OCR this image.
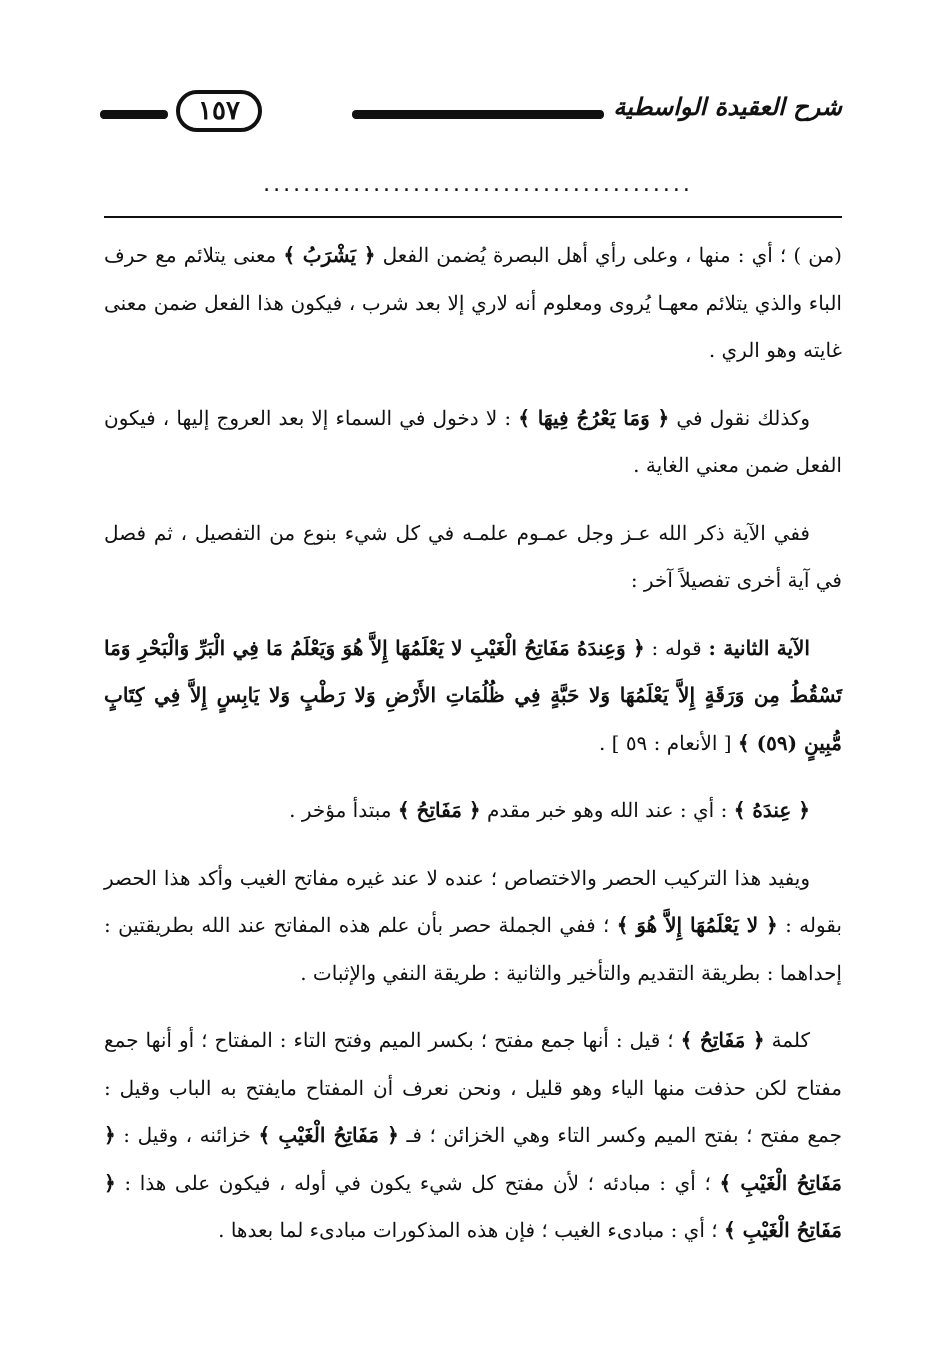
شرح العقيدة الواسطية
١٥٧
...........................................

(من ) ؛ أي : منها ، وعلى رأي أهل البصرة يُضمن الفعل ﴿ يَشْرَبُ ﴾ معنى يتلائم مع حرف الباء والذي يتلائم معهـا يُروى ومعلوم أنه لاري إلا بعد شرب ، فيكون هذا الفعل ضمن معنى غايته وهو الري .

وكذلك نقول في ﴿ وَمَا يَعْرُجُ فِيهَا ﴾ : لا دخول في السماء إلا بعد العروج إليها ، فيكون الفعل ضمن معني الغاية .

ففي الآية ذكر الله عـز وجل عمـوم علمـه في كل شيء بنوع من التفصيل ، ثم فصل في آية أخرى تفصيلاً آخر :

الآية الثانية : قوله : ﴿ وَعِندَهُ مَفَاتِحُ الْغَيْبِ لا يَعْلَمُهَا إِلاَّ هُوَ وَيَعْلَمُ مَا فِي الْبَرِّ وَالْبَحْرِ وَمَا تَسْقُطُ مِن وَرَقَةٍ إِلاَّ يَعْلَمُهَا وَلا حَبَّةٍ فِي ظُلُمَاتِ الأَرْضِ وَلا رَطْبٍ وَلا يَابِسٍ إِلاَّ فِي كِتَابٍ مُّبِينٍ (٥٩) ﴾ [ الأنعام : ٥٩ ] .

﴿ عِندَهُ ﴾ : أي : عند الله وهو خبر مقدم ﴿ مَفَاتِحُ ﴾ مبتدأ مؤخر .

ويفيد هذا التركيب الحصر والاختصاص ؛ عنده لا عند غيره مفاتح الغيب وأكد هذا الحصر بقوله : ﴿ لا يَعْلَمُهَا إِلاَّ هُوَ ﴾ ؛ ففي الجملة حصر بأن علم هذه المفاتح عند الله بطريقتين : إحداهما : بطريقة التقديم والتأخير والثانية : طريقة النفي والإثبات .

كلمة ﴿ مَفَاتِحُ ﴾ ؛ قيل : أنها جمع مفتح ؛ بكسر الميم وفتح التاء : المفتاح ؛ أو أنها جمع مفتاح لكن حذفت منها الياء وهو قليل ، ونحن نعرف أن المفتاح مايفتح به الباب وقيل : جمع مفتح ؛ بفتح الميم وكسر التاء وهي الخزائن ؛ فـ ﴿ مَفَاتِحُ الْغَيْبِ ﴾ خزائنه ، وقيل : ﴿ مَفَاتِحُ الْغَيْبِ ﴾ ؛ أي : مبادئه ؛ لأن مفتح كل شيء يكون في أوله ، فيكون على هذا : ﴿ مَفَاتِحُ الْغَيْبِ ﴾ ؛ أي : مبادىء الغيب ؛ فإن هذه المذكورات مبادىء لما بعدها .
